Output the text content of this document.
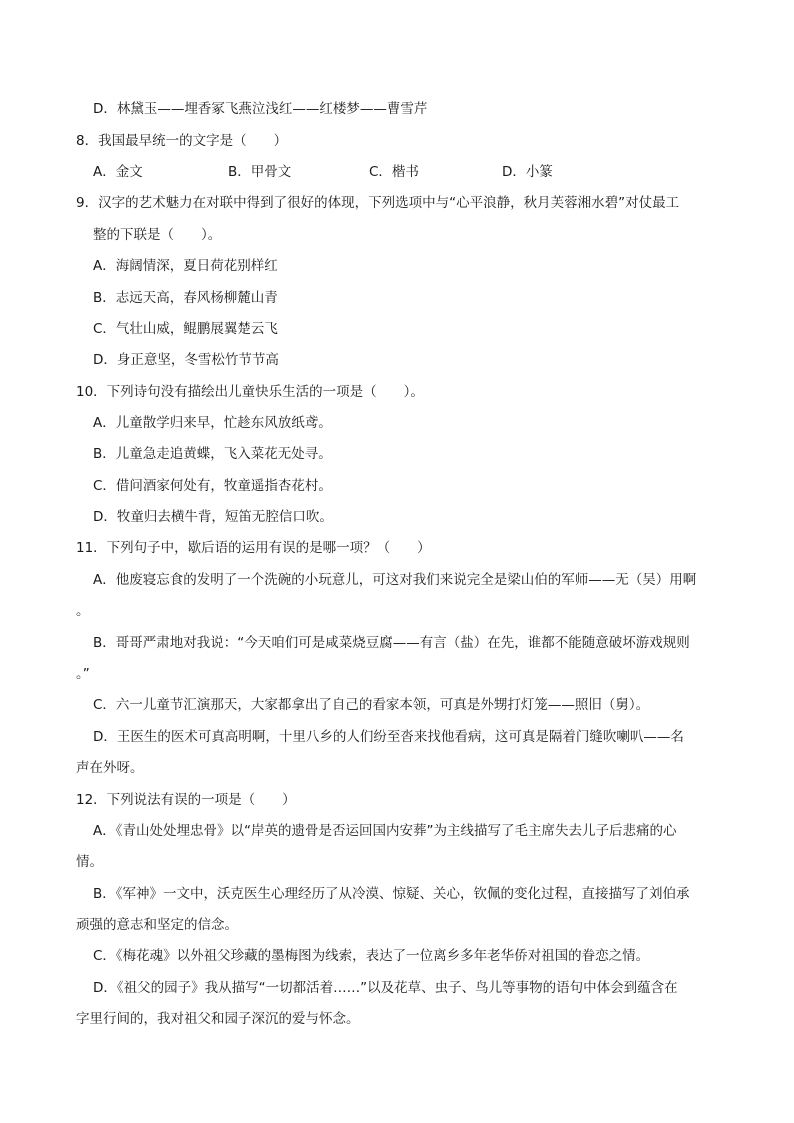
D．林黛玉——埋香冢飞燕泣浅红——红楼梦——曹雪芹
8．我国最早统一的文字是（　　）
A．金文	B．甲骨文	C．楷书	D．小篆
9．汉字的艺术魅力在对联中得到了很好的体现，下列选项中与“心平浪静，秋月芙蓉湘水碧”对仗最工
整的下联是（　　）。
A．海阔情深，夏日荷花别样红
B．志远天高，春风杨柳麓山青
C．气壮山威，鲲鹏展翼楚云飞
D．身正意坚，冬雪松竹节节高
10．下列诗句没有描绘出儿童快乐生活的一项是（　　）。
A．儿童散学归来早，忙趁东风放纸鸢。
B．儿童急走追黄蝶，飞入菜花无处寻。
C．借问酒家何处有，牧童遥指杏花村。
D．牧童归去横牛背，短笛无腔信口吹。
11．下列句子中，歇后语的运用有误的是哪一项？（　　）
A．他废寝忘食的发明了一个洗碗的小玩意儿，可这对我们来说完全是梁山伯的军师——无（吴）用啊
。
B．哥哥严肃地对我说：“今天咱们可是咸菜烧豆腐——有言（盐）在先，谁都不能随意破坏游戏规则
。”
C．六一儿童节汇演那天，大家都拿出了自己的看家本领，可真是外甥打灯笼——照旧（舅）。
D．王医生的医术可真高明啊，十里八乡的人们纷至沓来找他看病，这可真是隔着门缝吹喇叭——名
声在外呀。
12．下列说法有误的一项是（　　）
A．《青山处处埋忠骨》以“岸英的遗骨是否运回国内安葬”为主线描写了毛主席失去儿子后悲痛的心
情。
B．《军神》一文中，沃克医生心理经历了从冷漠、惊疑、关心，钦佩的变化过程，直接描写了刘伯承
顽强的意志和坚定的信念。
C．《梅花魂》以外祖父珍藏的墨梅图为线索，表达了一位离乡多年老华侨对祖国的眷恋之情。
D．《祖父的园子》我从描写“一切都活着……”以及花草、虫子、鸟儿等事物的语句中体会到蕴含在
字里行间的，我对祖父和园子深沉的爱与怀念。
